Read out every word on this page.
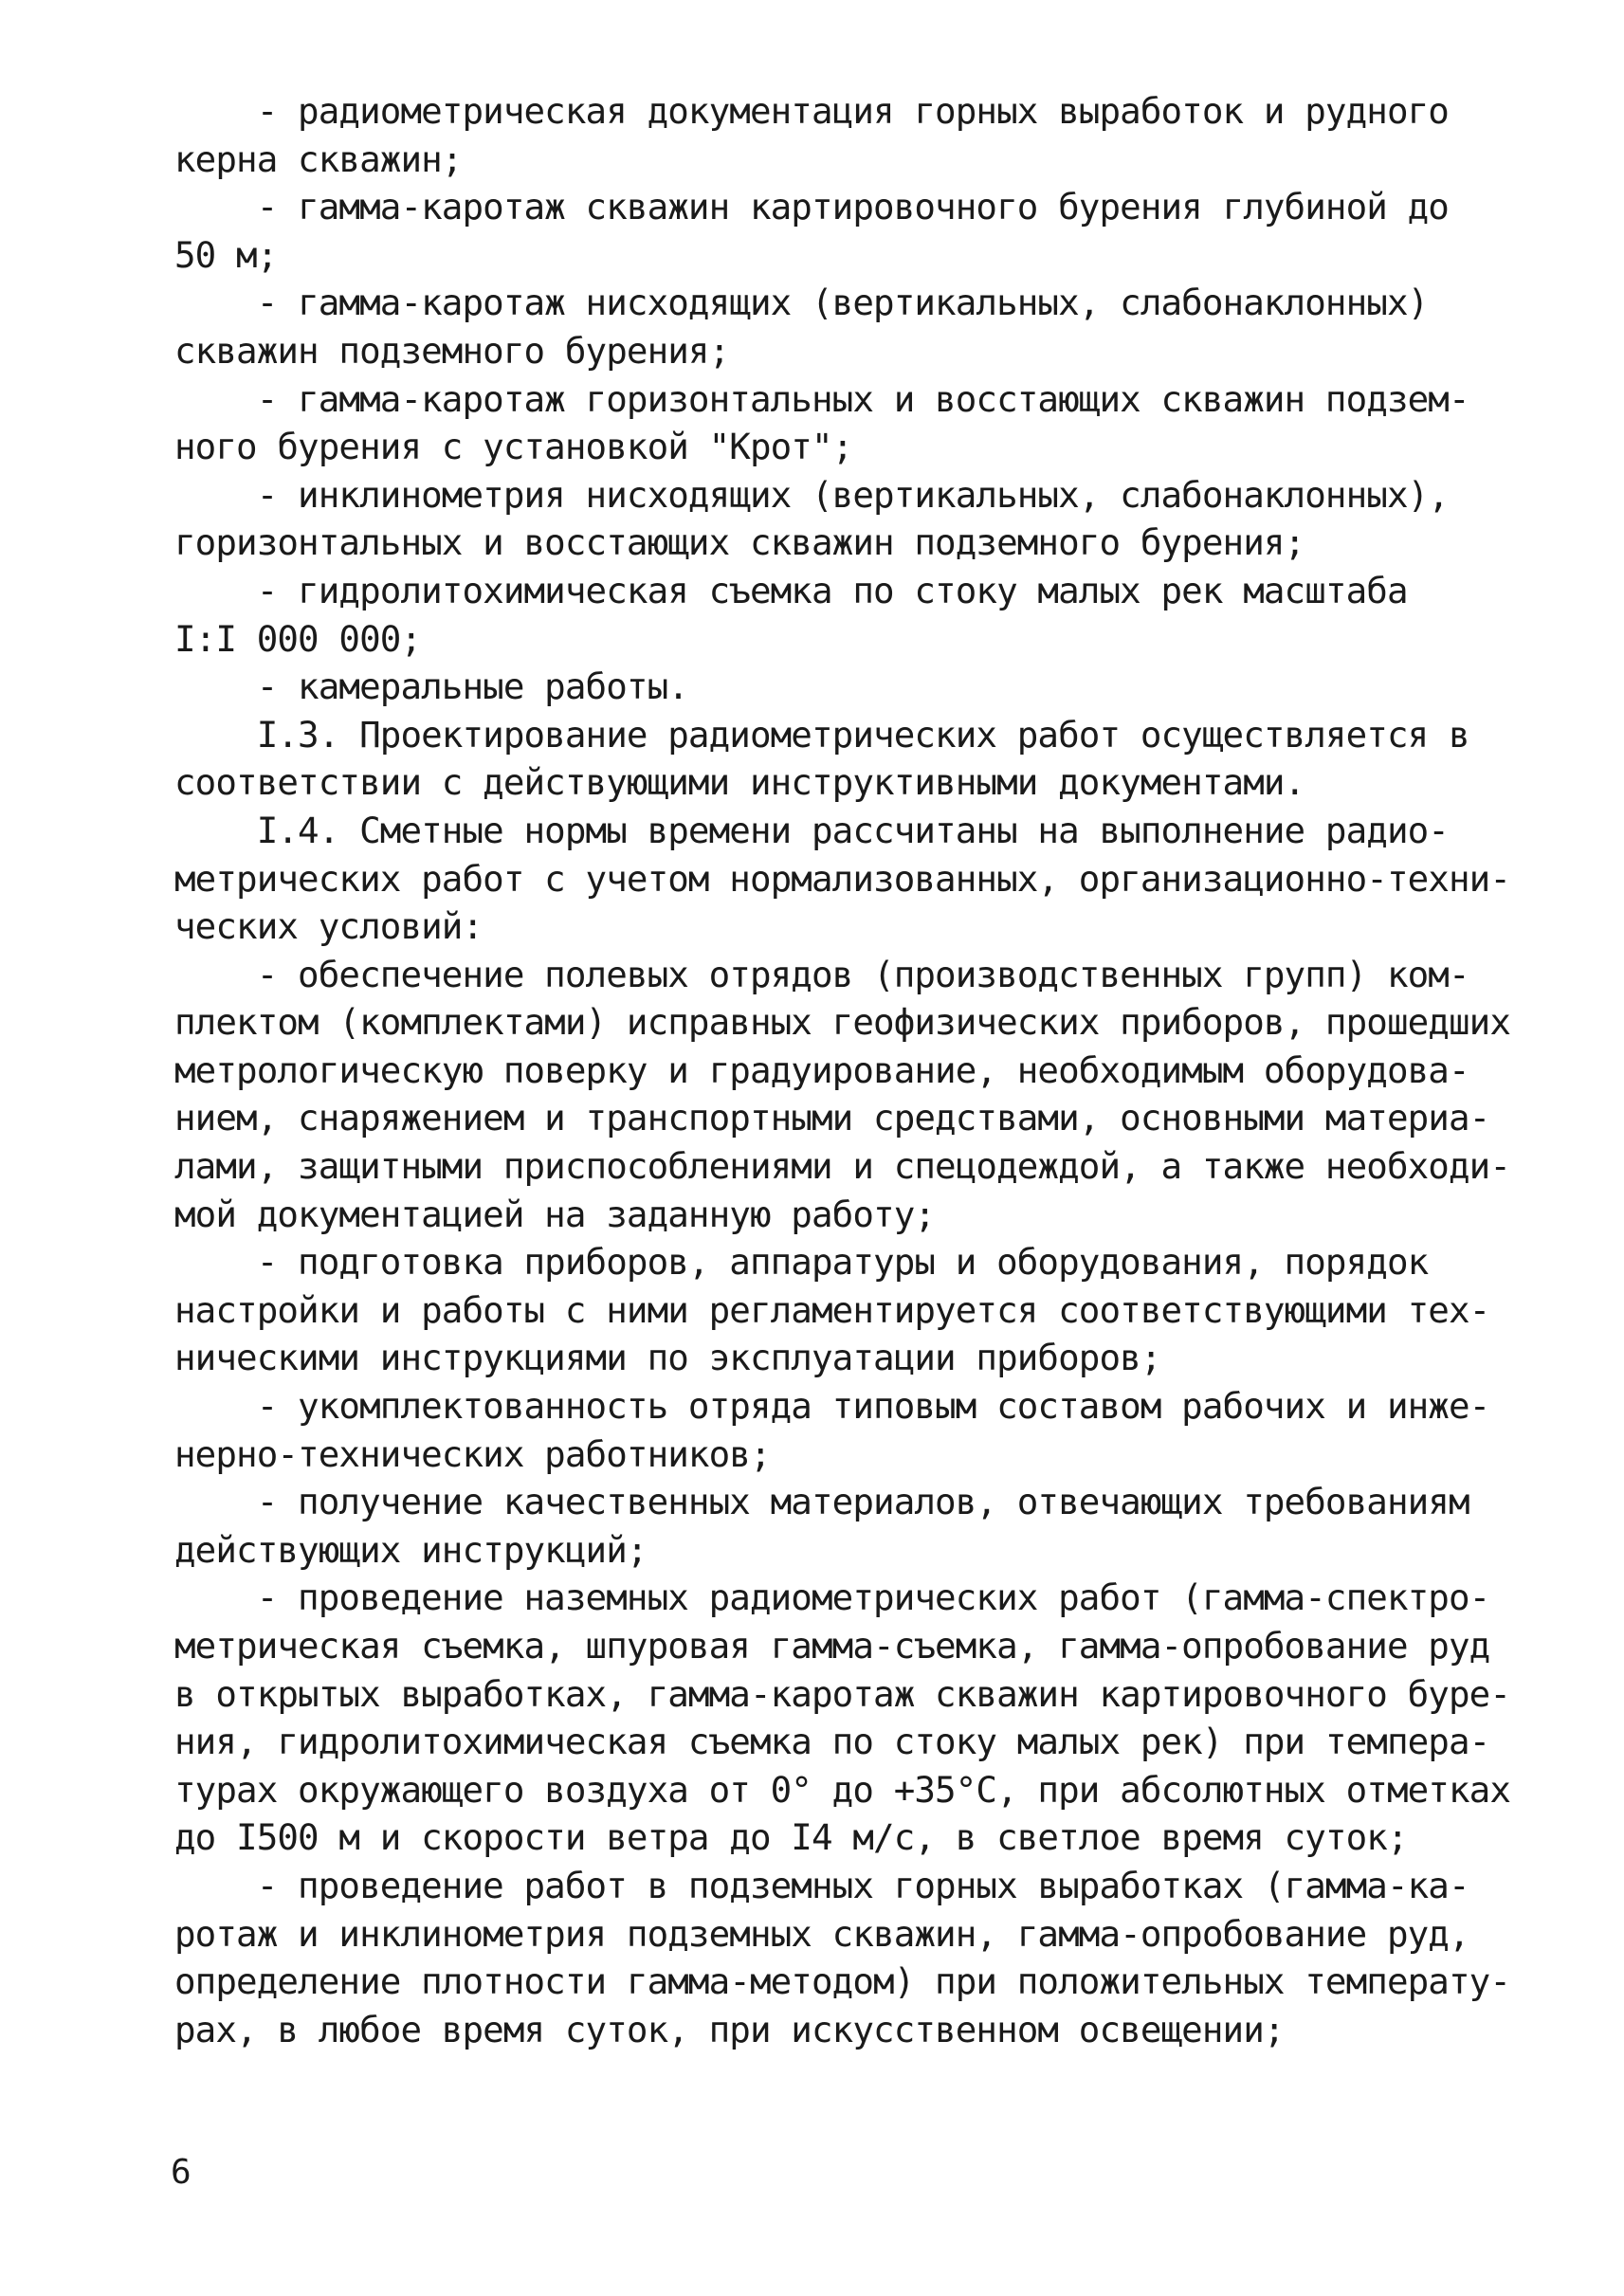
- радиометрическая документация горных выработок и рудного
керна скважин;
- гамма-каротаж скважин картировочного бурения глубиной до
50 м;
- гамма-каротаж нисходящих (вертикальных, слабонаклонных)
скважин подземного бурения;
- гамма-каротаж горизонтальных и восстающих скважин подзем-
ного бурения с установкой "Крот";
- инклинометрия нисходящих (вертикальных, слабонаклонных),
горизонтальных и восстающих скважин подземного бурения;
- гидролитохимическая съемка по стоку малых рек масштаба
I:I 000 000;
- камеральные работы.
I.3. Проектирование радиометрических работ осуществляется в
соответствии с действующими инструктивными документами.
I.4. Сметные нормы времени рассчитаны на выполнение радио-
метрических работ с учетом нормализованных, организационно-техни-
ческих условий:
- обеспечение полевых отрядов (производственных групп) ком-
плектом (комплектами) исправных геофизических приборов, прошедших
метрологическую поверку и градуирование, необходимым оборудова-
нием, снаряжением и транспортными средствами, основными материа-
лами, защитными приспособлениями и спецодеждой, а также необходи-
мой документацией на заданную работу;
- подготовка приборов, аппаратуры и оборудования, порядок
настройки и работы с ними регламентируется соответствующими тех-
ническими инструкциями по эксплуатации приборов;
- укомплектованность отряда типовым составом рабочих и инже-
нерно-технических работников;
- получение качественных материалов, отвечающих требованиям
действующих инструкций;
- проведение наземных радиометрических работ (гамма-спектро-
метрическая съемка, шпуровая гамма-съемка, гамма-опробование руд
в открытых выработках, гамма-каротаж скважин картировочного буре-
ния, гидролитохимическая съемка по стоку малых рек) при темпера-
турах окружающего воздуха от 0° до +35°С, при абсолютных отметках
до I500 м и скорости ветра до I4 м/с, в светлое время суток;
- проведение работ в подземных горных выработках (гамма-ка-
ротаж и инклинометрия подземных скважин, гамма-опробование руд,
определение плотности гамма-методом) при положительных температу-
рах, в любое время суток, при искусственном освещении;
6
